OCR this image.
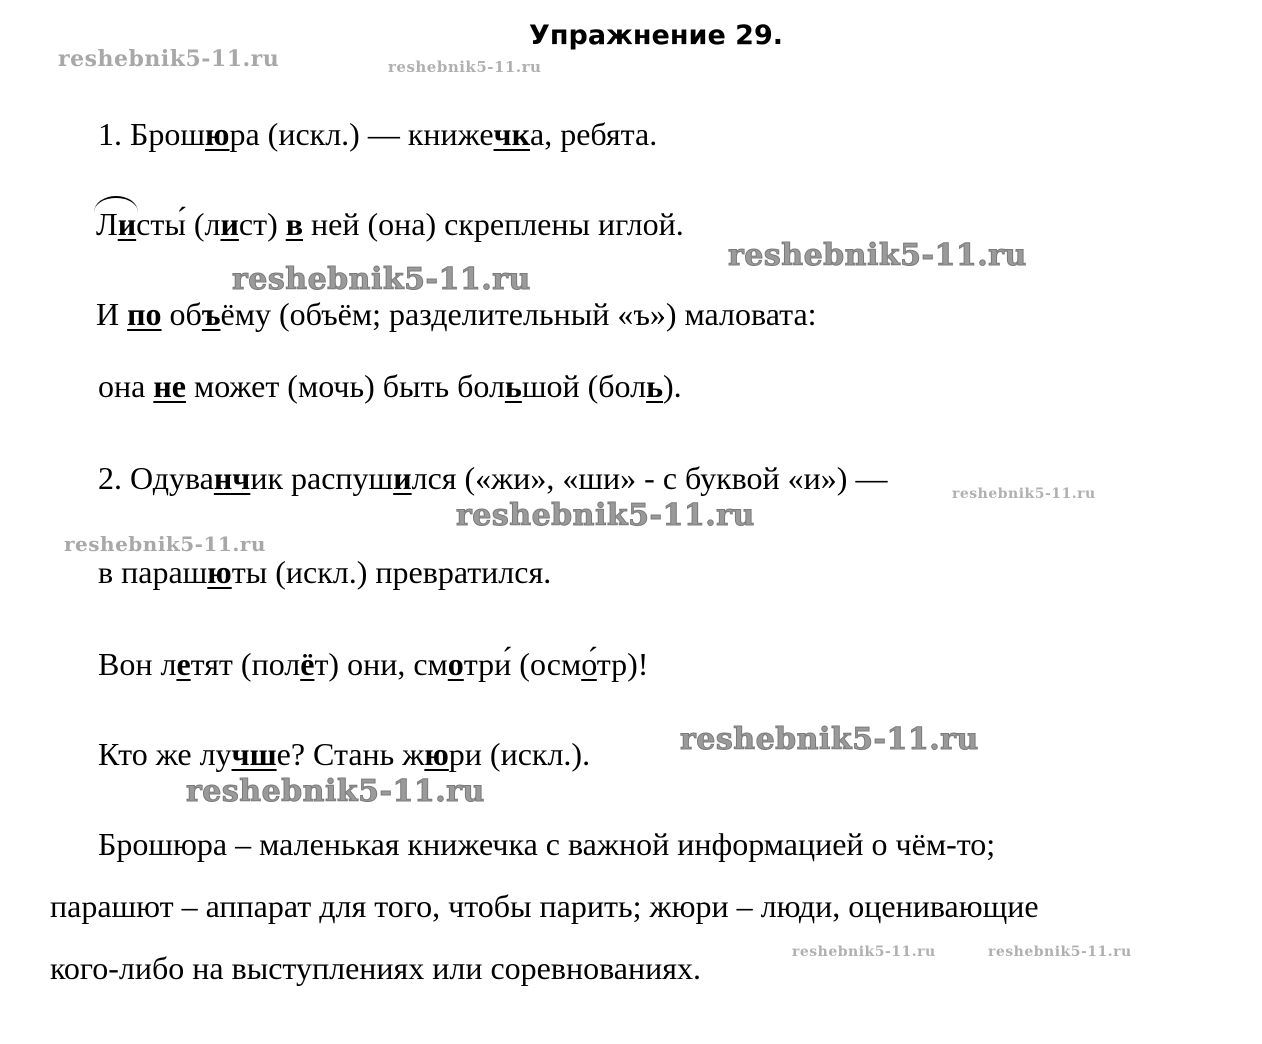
Упражнение 29.
reshebnik5-11.ru	reshebnik5-11.ru
reshebnik5-11.ru
reshebnik5-11.ru
reshebnik5-11.ru
reshebnik5-11.ru
reshebnik5-11.ru
reshebnik5-11.ru
reshebnik5-11.ru
reshebnik5-11.ru	reshebnik5-11.ru
1. Брошюра (искл.) — книжечка, ребята.
Листы́ (лист) в ней (она) скреплены иглой.
И по объёму (объём; разделительный «ъ») маловата:
она не может (мочь) быть большой (боль).
2. Одуванчик распушился («жи», «ши» - с буквой «и») —
в парашюты (искл.) превратился.
Вон летят (полёт) они, смотри́ (осмо́тр)!
Кто же лучше? Стань жюри (искл.).
Брошюра – маленькая книжечка с важной информацией о чём-то;
парашют – аппарат для того, чтобы парить; жюри – люди, оценивающие
кого-либо на выступлениях или соревнованиях.
